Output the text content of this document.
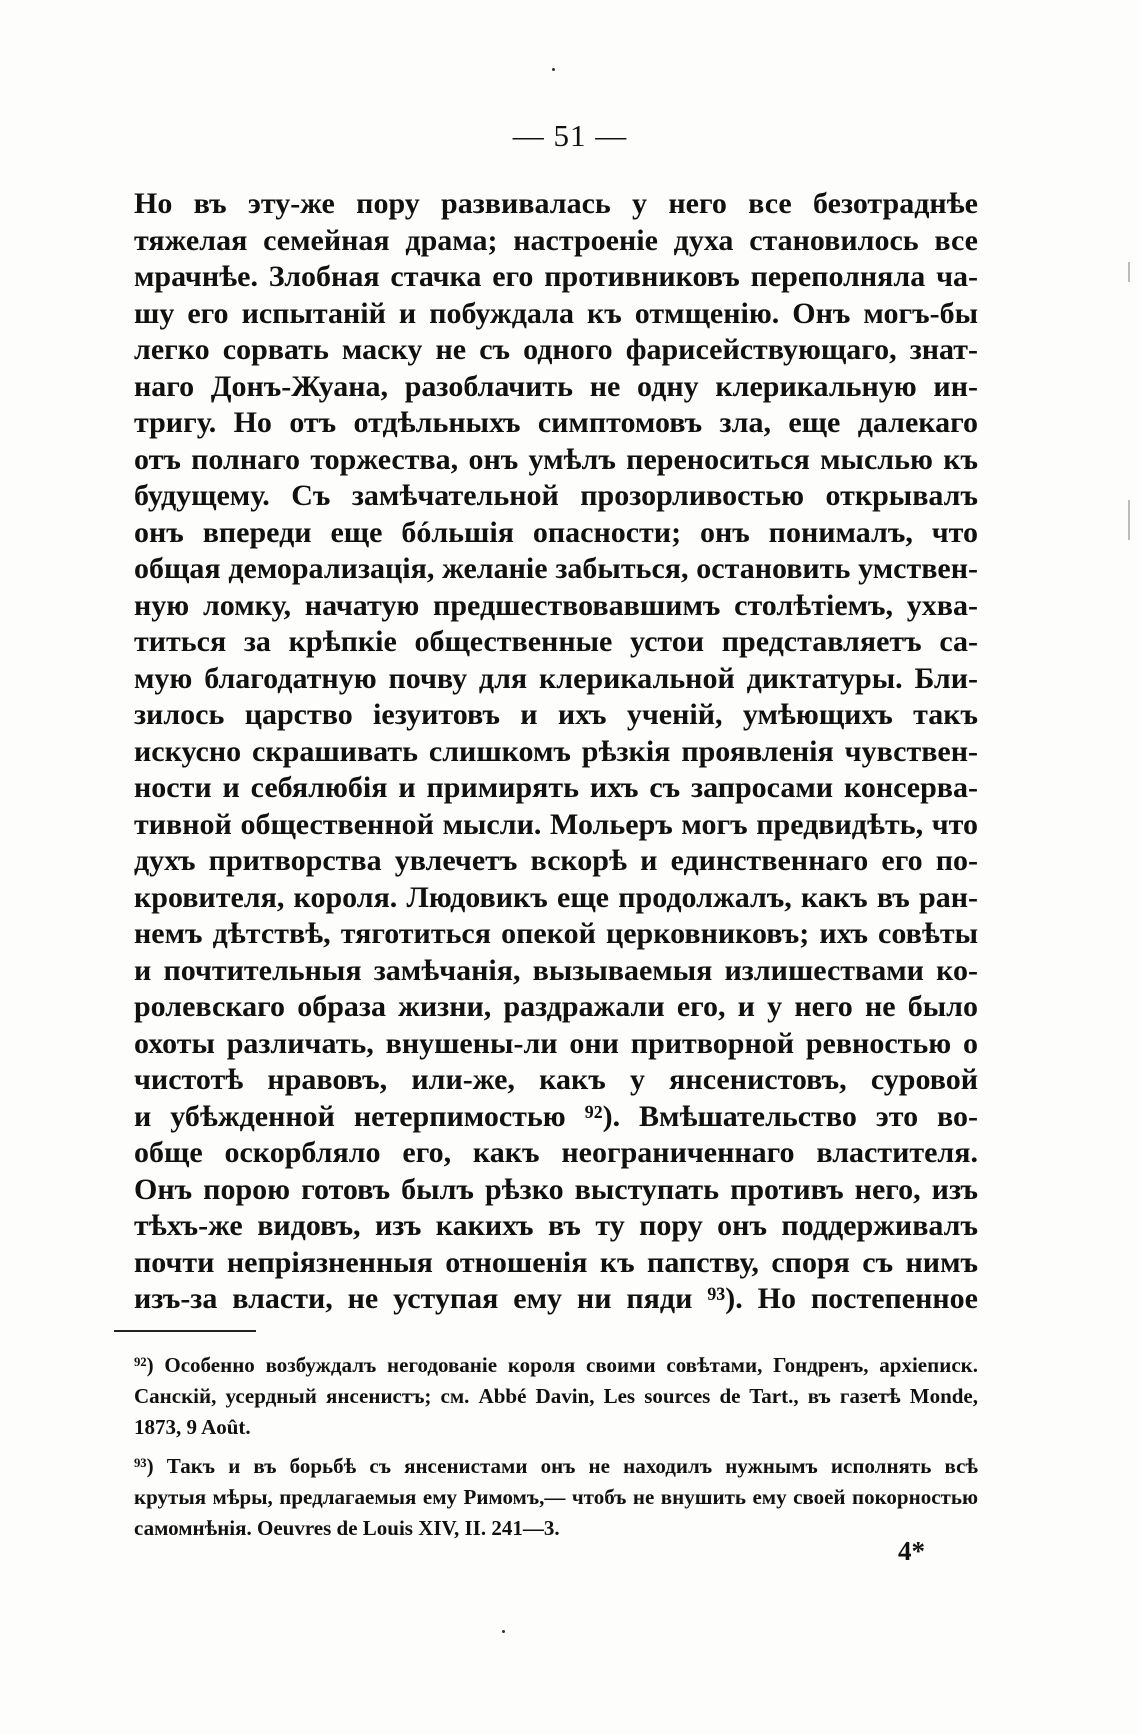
— 51 —
Но въ эту-же пору развивалась у него все безотраднѣе
тяжелая семейная драма; настроеніе духа становилось все
мрачнѣе. Злобная стачка его противниковъ переполняла ча-
шу его испытаній и побуждала къ отмщенію. Онъ могъ-бы
легко сорвать маску не съ одного фарисействующаго, знат-
наго Донъ-Жуана, разоблачить не одну клерикальную ин-
тригу. Но отъ отдѣльныхъ симптомовъ зла, еще далекаго
отъ полнаго торжества, онъ умѣлъ переноситься мыслью къ
будущему. Съ замѣчательной прозорливостью открывалъ
онъ впереди еще бóльшія опасности; онъ понималъ, что
общая деморализація, желаніе забыться, остановить умствен-
ную ломку, начатую предшествовавшимъ столѣтіемъ, ухва-
титься за крѣпкіе общественные устои представляетъ са-
мую благодатную почву для клерикальной диктатуры. Бли-
зилось царство іезуитовъ и ихъ ученій, умѣющихъ такъ
искусно скрашивать слишкомъ рѣзкія проявленія чувствен-
ности и себялюбія и примирять ихъ съ запросами консерва-
тивной общественной мысли. Мольеръ могъ предвидѣть, что
духъ притворства увлечетъ вскорѣ и единственнаго его по-
кровителя, короля. Людовикъ еще продолжалъ, какъ въ ран-
немъ дѣтствѣ, тяготиться опекой церковниковъ; ихъ совѣты
и почтительныя замѣчанія, вызываемыя излишествами ко-
ролевскаго образа жизни, раздражали его, и у него не было
охоты различать, внушены-ли они притворной ревностью о
чистотѣ нравовъ, или-же, какъ у янсенистовъ, суровой
и убѣжденной нетерпимостью ⁹²). Вмѣшательство это во-
обще оскорбляло его, какъ неограниченнаго властителя.
Онъ порою готовъ былъ рѣзко выступать противъ него, изъ
тѣхъ-же видовъ, изъ какихъ въ ту пору онъ поддерживалъ
почти непріязненныя отношенія къ папству, споря съ нимъ
изъ-за власти, не уступая ему ни пяди ⁹³). Но постепенное
⁹²) Особенно возбуждалъ негодованіе короля своими совѣтами, Гондренъ, архіеписк.
Санскій, усердный янсенистъ; см. Abbé Davin, Les sources de Tart., въ газетѣ Monde,
1873, 9 Août.
⁹³) Такъ и въ борьбѣ съ янсенистами онъ не находилъ нужнымъ исполнять всѣ
крутыя мѣры, предлагаемыя ему Римомъ,— чтобъ не внушить ему своей покорностью
самомнѣнія. Oeuvres de Louis XIV, II. 241—3.
4*
